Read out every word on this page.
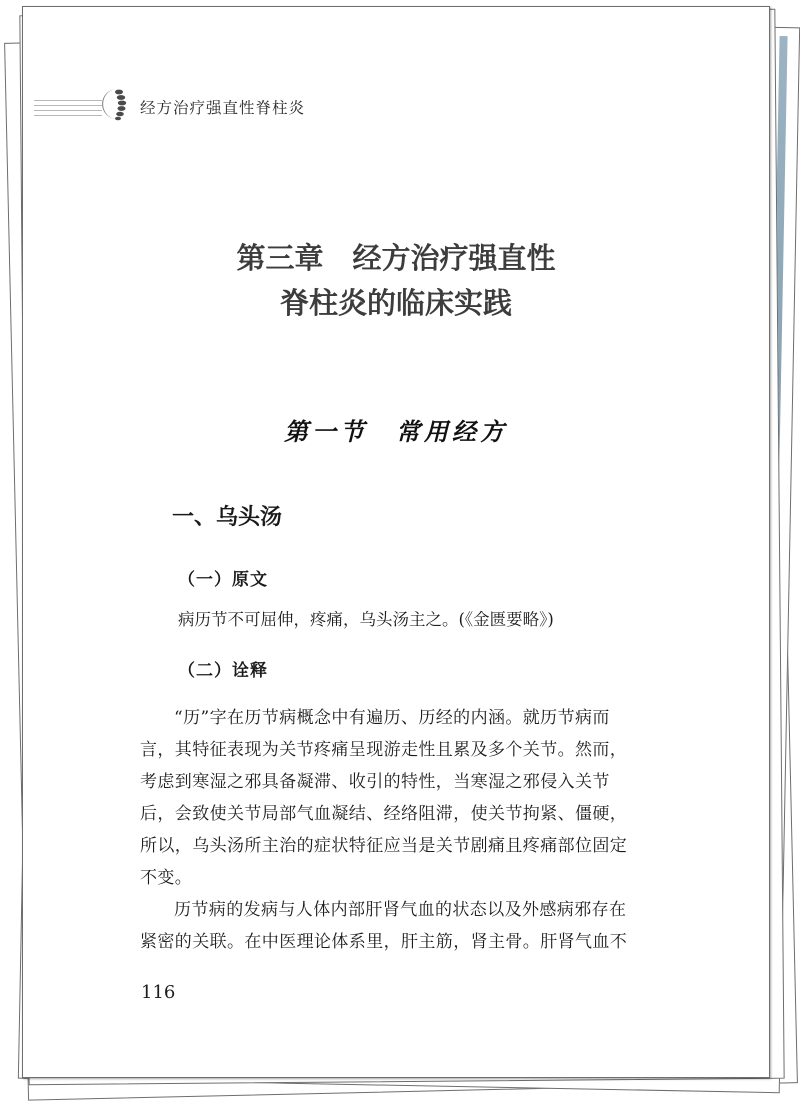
经方治疗强直性脊柱炎

第三章　经方治疗强直性
脊柱炎的临床实践
第一节　常用经方
一、乌头汤
（一）原文

病历节不可屈伸，疼痛，乌头汤主之。(《金匮要略》)

（二）诠释
“历”字在历节病概念中有遍历、历经的内涵。就历节病而
言，其特征表现为关节疼痛呈现游走性且累及多个关节。然而，
考虑到寒湿之邪具备凝滞、收引的特性，当寒湿之邪侵入关节
后，会致使关节局部气血凝结、经络阻滞，使关节拘紧、僵硬，
所以，乌头汤所主治的症状特征应当是关节剧痛且疼痛部位固定
不变。
历节病的发病与人体内部肝肾气血的状态以及外感病邪存在
紧密的关联。在中医理论体系里，肝主筋，肾主骨。肝肾气血不

116
